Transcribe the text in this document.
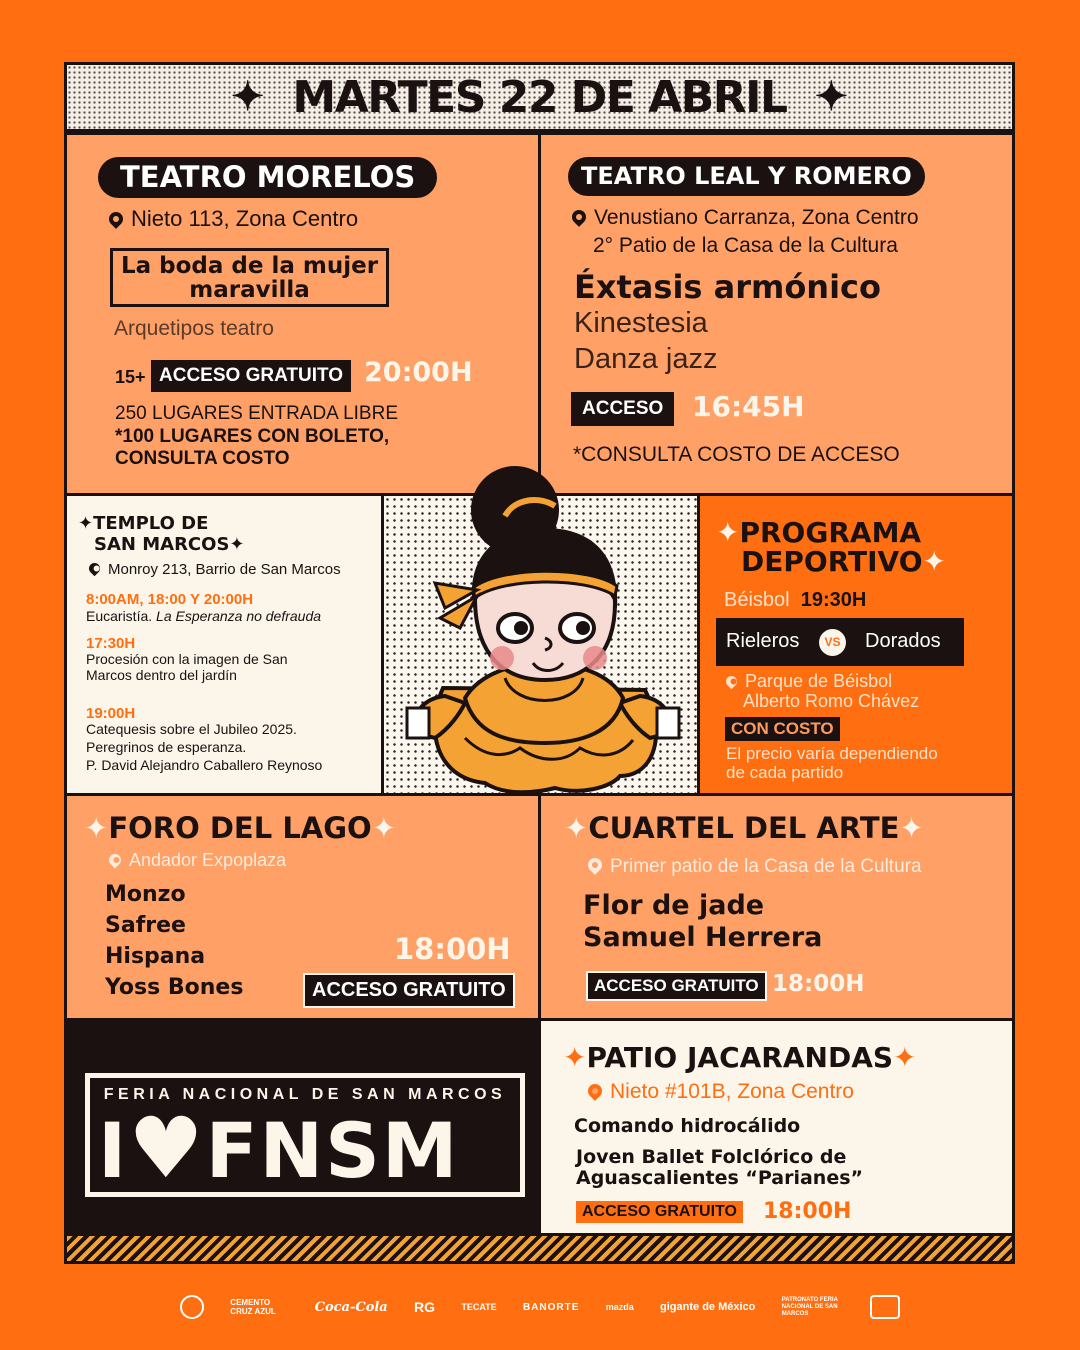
✦ MARTES 22 DE ABRIL ✦
TEATRO MORELOS
Nieto 113, Zona Centro
La boda de la mujer
maravilla
Arquetipos teatro
15+ ACCESO GRATUITO 20:00H
250 LUGARES ENTRADA LIBRE
*100 LUGARES CON BOLETO,
CONSULTA COSTO
TEATRO LEAL Y ROMERO
Venustiano Carranza, Zona Centro
2° Patio de la Casa de la Cultura
Éxtasis armónico
Kinestesia
Danza jazz
ACCESO	16:45H
*CONSULTA COSTO DE ACCESO
✦TEMPLO DE
SAN MARCOS✦
Monroy 213, Barrio de San Marcos
8:00AM, 18:00 Y 20:00H
Eucaristía. La Esperanza no defrauda
17:30H
Procesión con la imagen de San
Marcos dentro del jardín
19:00H
Catequesis sobre el Jubileo 2025.
Peregrinos de esperanza.
P. David Alejandro Caballero Reynoso
✦PROGRAMA
DEPORTIVO✦
Béisbol 19:30H
Rieleros	VS Dorados
Parque de Béisbol
Alberto Romo Chávez
CON COSTO
El precio varía dependiendo
de cada partido
✦FORO DEL LAGO✦
Andador Expoplaza
Monzo
Safree
Hispana
Yoss Bones
18:00H
ACCESO GRATUITO
✦CUARTEL DEL ARTE✦
Primer patio de la Casa de la Cultura
Flor de jade
Samuel Herrera
ACCESO GRATUITO 18:00H
FERIA NACIONAL DE SAN MARCOS
I♥FNSM
✦PATIO JACARANDAS✦
Nieto #101B, Zona Centro
Comando hidrocálido
Joven Ballet Folclórico de
Aguascalientes “Parianes”
ACCESO GRATUITO 18:00H
CEMENTO CRUZ AZUL	Coca-Cola RG	TECATE	BANORTE	mazda gigante de México
PATRONATO FERIA NACIONAL DE SAN MARCOS
